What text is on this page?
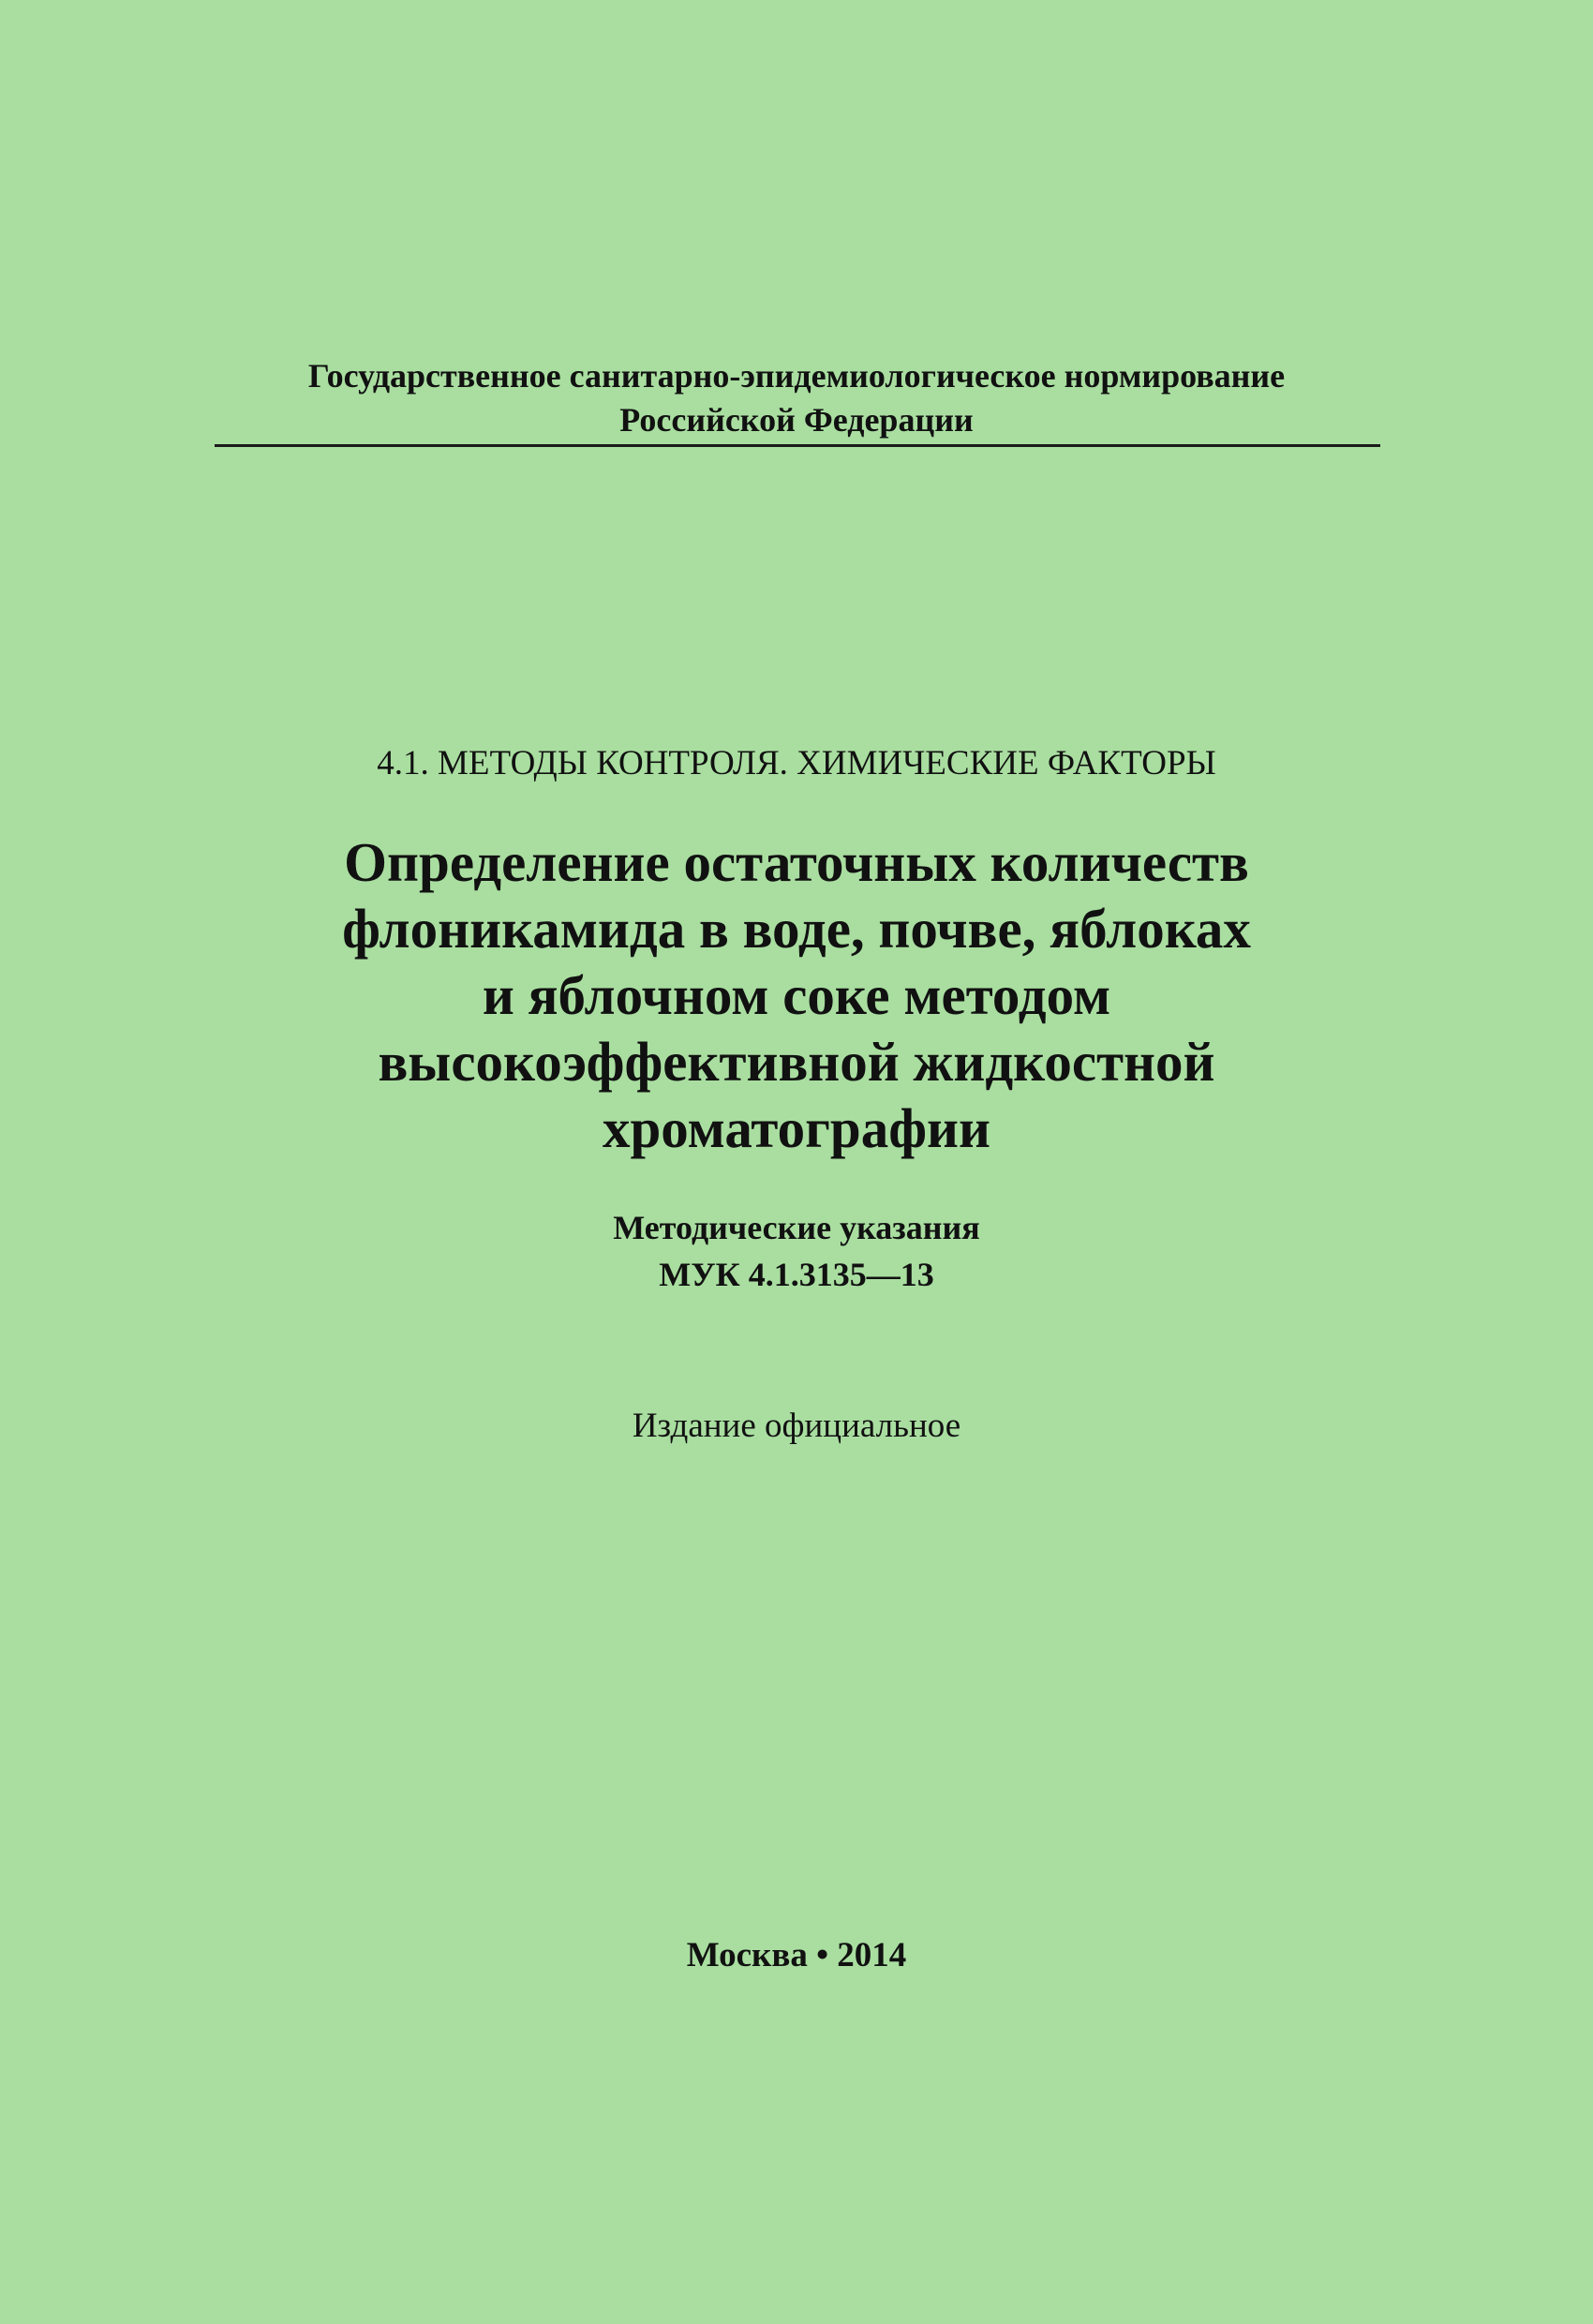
Государственное санитарно-эпидемиологическое нормирование
Российской Федерации
4.1. МЕТОДЫ КОНТРОЛЯ. ХИМИЧЕСКИЕ ФАКТОРЫ
Определение остаточных количеств
флоникамида в воде, почве, яблоках
и яблочном соке методом
высокоэффективной жидкостной
хроматографии
Методические указания
МУК 4.1.3135—13
Издание официальное
Москва • 2014
